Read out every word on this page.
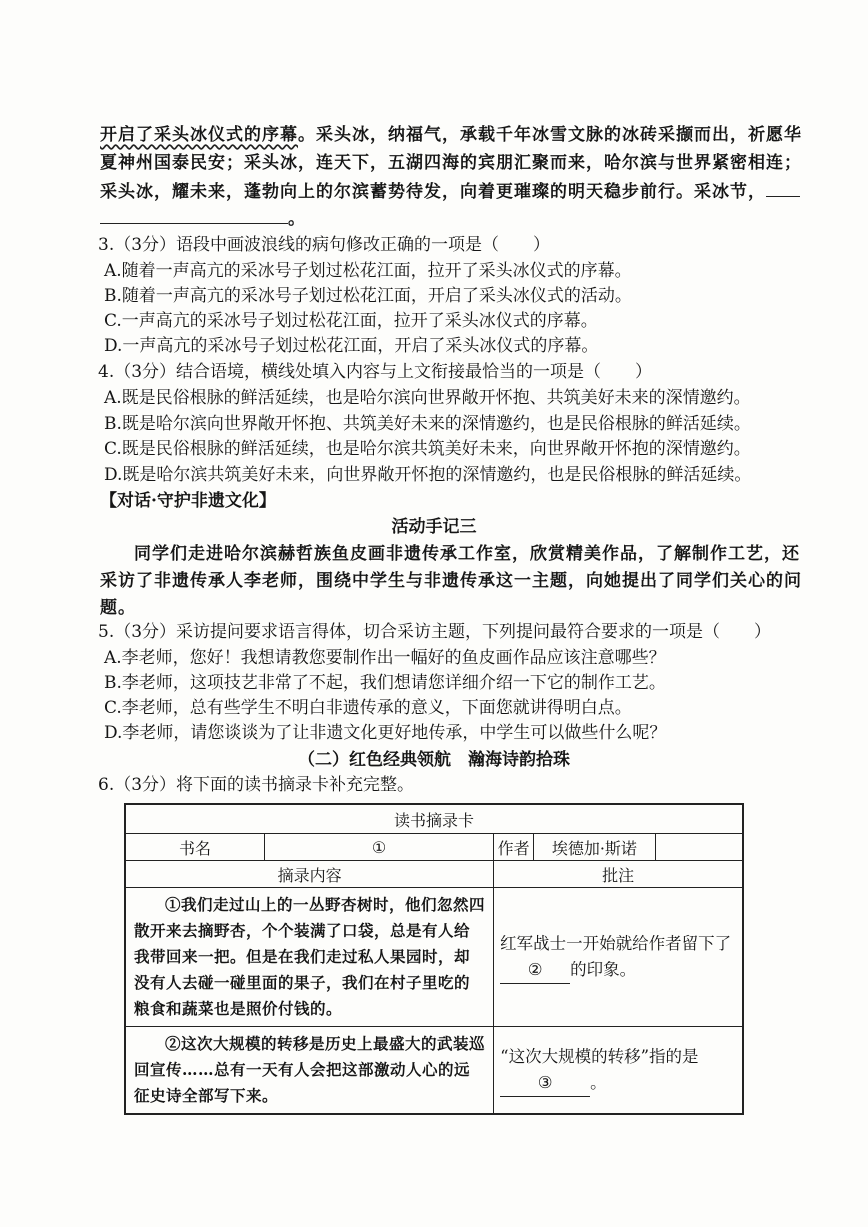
开启了采头冰仪式的序幕。采头冰，纳福气，承载千年冰雪文脉的冰砖采撷而出，祈愿华
夏神州国泰民安；采头冰，连天下，五湖四海的宾朋汇聚而来，哈尔滨与世界紧密相连；
采头冰，耀未来，蓬勃向上的尔滨蓄势待发，向着更璀璨的明天稳步前行。采冰节，
。
3.（3分）语段中画波浪线的病句修改正确的一项是（　　）
A.随着一声高亢的采冰号子划过松花江面，拉开了采头冰仪式的序幕。
B.随着一声高亢的采冰号子划过松花江面，开启了采头冰仪式的活动。
C.一声高亢的采冰号子划过松花江面，拉开了采头冰仪式的序幕。
D.一声高亢的采冰号子划过松花江面，开启了采头冰仪式的序幕。
4.（3分）结合语境，横线处填入内容与上文衔接最恰当的一项是（　　）
A.既是民俗根脉的鲜活延续，也是哈尔滨向世界敞开怀抱、共筑美好未来的深情邀约。
B.既是哈尔滨向世界敞开怀抱、共筑美好未来的深情邀约，也是民俗根脉的鲜活延续。
C.既是民俗根脉的鲜活延续，也是哈尔滨共筑美好未来，向世界敞开怀抱的深情邀约。
D.既是哈尔滨共筑美好未来，向世界敞开怀抱的深情邀约，也是民俗根脉的鲜活延续。
【对话·守护非遗文化】
活动手记三
同学们走进哈尔滨赫哲族鱼皮画非遗传承工作室，欣赏精美作品，了解制作工艺，还
采访了非遗传承人李老师，围绕中学生与非遗传承这一主题，向她提出了同学们关心的问
题。
5.（3分）采访提问要求语言得体，切合采访主题，下列提问最符合要求的一项是（　　）
A.李老师，您好！我想请教您要制作出一幅好的鱼皮画作品应该注意哪些？
B.李老师，这项技艺非常了不起，我们想请您详细介绍一下它的制作工艺。
C.李老师，总有些学生不明白非遗传承的意义，下面您就讲得明白点。
D.李老师，请您谈谈为了让非遗文化更好地传承，中学生可以做些什么呢？
（二）红色经典领航　瀚海诗韵拾珠
6.（3分）将下面的读书摘录卡补充完整。
读书摘录卡				
书名	①	作者	埃德加·斯诺	
摘录内容		批注		
①我们走过山上的一丛野杏树时，他们忽然四散开来去摘野杏，个个装满了口袋，总是有人给我带回来一把。但是在我们走过私人果园时，却没有人去碰一碰里面的果子，我们在村子里吃的粮食和蔬菜也是照价付钱的。		红军战士一开始就给作者留下了
② 的印象。		
②这次大规模的转移是历史上最盛大的武装巡回宣传……总有一天有人会把这部激动人心的远征史诗全部写下来。		“这次大规模的转移”指的是
③ 。		
